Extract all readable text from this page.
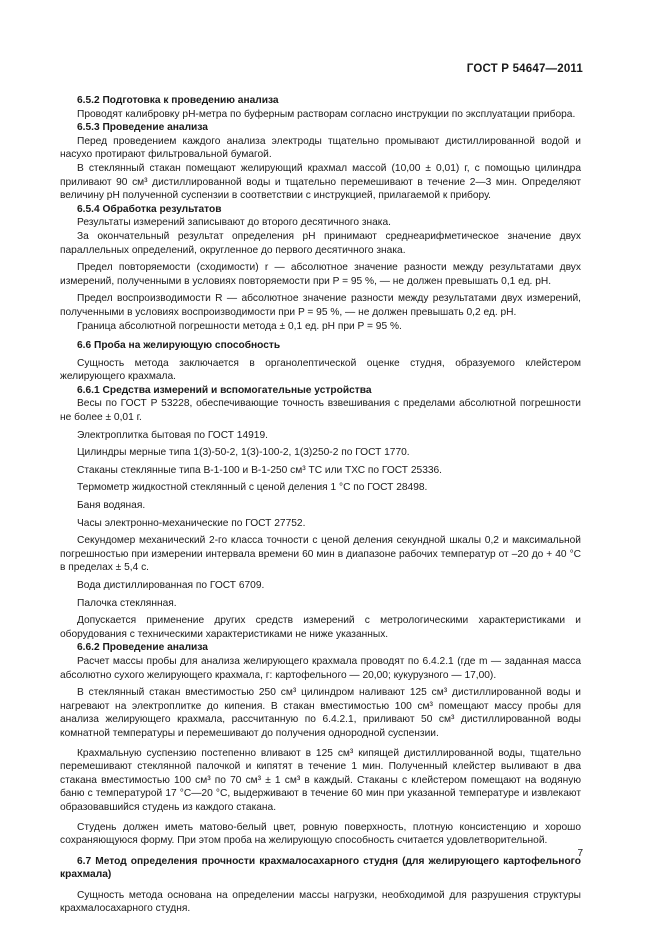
ГОСТ Р 54647—2011

6.5.2 Подготовка к проведению анализа

Проводят калибровку рН-метра по буферным растворам согласно инструкции по эксплуатации прибора.

6.5.3 Проведение анализа

Перед проведением каждого анализа электроды тщательно промывают дистиллированной водой и насухо протирают фильтровальной бумагой.

В стеклянный стакан помещают желирующий крахмал массой (10,00 ± 0,01) г, с помощью цилиндра приливают 90 см³ дистиллированной воды и тщательно перемешивают в течение 2—3 мин. Определяют величину рН полученной суспензии в соответствии с инструкцией, прилагаемой к прибору.

6.5.4 Обработка результатов

Результаты измерений записывают до второго десятичного знака.

За окончательный результат определения рН принимают среднеарифметическое значение двух параллельных определений, округленное до первого десятичного знака.

Предел повторяемости (сходимости) r — абсолютное значение разности между результатами двух измерений, полученными в условиях повторяемости при P = 95 %, — не должен превышать 0,1 ед. рН.

Предел воспроизводимости R — абсолютное значение разности между результатами двух измерений, полученными в условиях воспроизводимости при P = 95 %, — не должен превышать 0,2 ед. рН.

Граница абсолютной погрешности метода ± 0,1 ед. рН при P = 95 %.

6.6 Проба на желирующую способность

Сущность метода заключается в органолептической оценке студня, образуемого клейстером желирующего крахмала.

6.6.1 Средства измерений и вспомогательные устройства

Весы по ГОСТ Р 53228, обеспечивающие точность взвешивания с пределами абсолютной погрешности не более ± 0,01 г.

Электроплитка бытовая по ГОСТ 14919.

Цилиндры мерные типа 1(3)-50-2, 1(3)-100-2, 1(3)250-2 по ГОСТ 1770.

Стаканы стеклянные типа В-1-100 и В-1-250 см³ ТС или ТХС по ГОСТ 25336.

Термометр жидкостной стеклянный с ценой деления 1 °С по ГОСТ 28498.

Баня водяная.

Часы электронно-механические по ГОСТ 27752.

Секундомер механический 2-го класса точности с ценой деления секундной шкалы 0,2 и максимальной погрешностью при измерении интервала времени 60 мин в диапазоне рабочих температур от –20 до + 40 °С в пределах ± 5,4 с.

Вода дистиллированная по ГОСТ 6709.

Палочка стеклянная.

Допускается применение других средств измерений с метрологическими характеристиками и оборудования с техническими характеристиками не ниже указанных.

6.6.2 Проведение анализа

Расчет массы пробы для анализа желирующего крахмала проводят по 6.4.2.1 (где m — заданная масса абсолютно сухого желирующего крахмала, г: картофельного — 20,00; кукурузного — 17,00).

В стеклянный стакан вместимостью 250 см³ цилиндром наливают 125 см³ дистиллированной воды и нагревают на электроплитке до кипения. В стакан вместимостью 100 см³ помещают массу пробы для анализа желирующего крахмала, рассчитанную по 6.4.2.1, приливают 50 см³ дистиллированной воды комнатной температуры и перемешивают до получения однородной суспензии.

Крахмальную суспензию постепенно вливают в 125 см³ кипящей дистиллированной воды, тщательно перемешивают стеклянной палочкой и кипятят в течение 1 мин. Полученный клейстер выливают в два стакана вместимостью 100 см³ по 70 см³ ± 1 см³ в каждый. Стаканы с клейстером помещают на водяную баню с температурой 17 °С—20 °С, выдерживают в течение 60 мин при указанной температуре и извлекают образовавшийся студень из каждого стакана.

Студень должен иметь матово-белый цвет, ровную поверхность, плотную консистенцию и хорошо сохраняющуюся форму. При этом проба на желирующую способность считается удовлетворительной.

6.7 Метод определения прочности крахмалосахарного студня (для желирующего картофельного крахмала)

Сущность метода основана на определении массы нагрузки, необходимой для разрушения структуры крахмалосахарного студня.

7
